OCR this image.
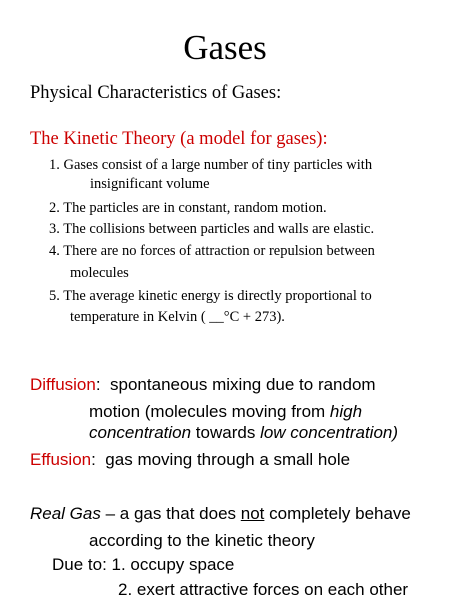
Gases
Physical Characteristics of Gases:
The Kinetic Theory (a model for gases):
1. Gases consist of a large number of tiny particles with
insignificant volume
2. The particles are in constant, random motion.
3. The collisions between particles and walls are elastic.
4. There are no forces of attraction or repulsion between
molecules
5. The average kinetic energy is directly proportional to
temperature in Kelvin ( __°C + 273).
Diffusion:  spontaneous mixing due to random
motion (molecules moving from high
concentration towards low concentration)
Effusion:  gas moving through a small hole
Real Gas – a gas that does not completely behave
according to the kinetic theory
Due to: 1. occupy space
2. exert attractive forces on each other
